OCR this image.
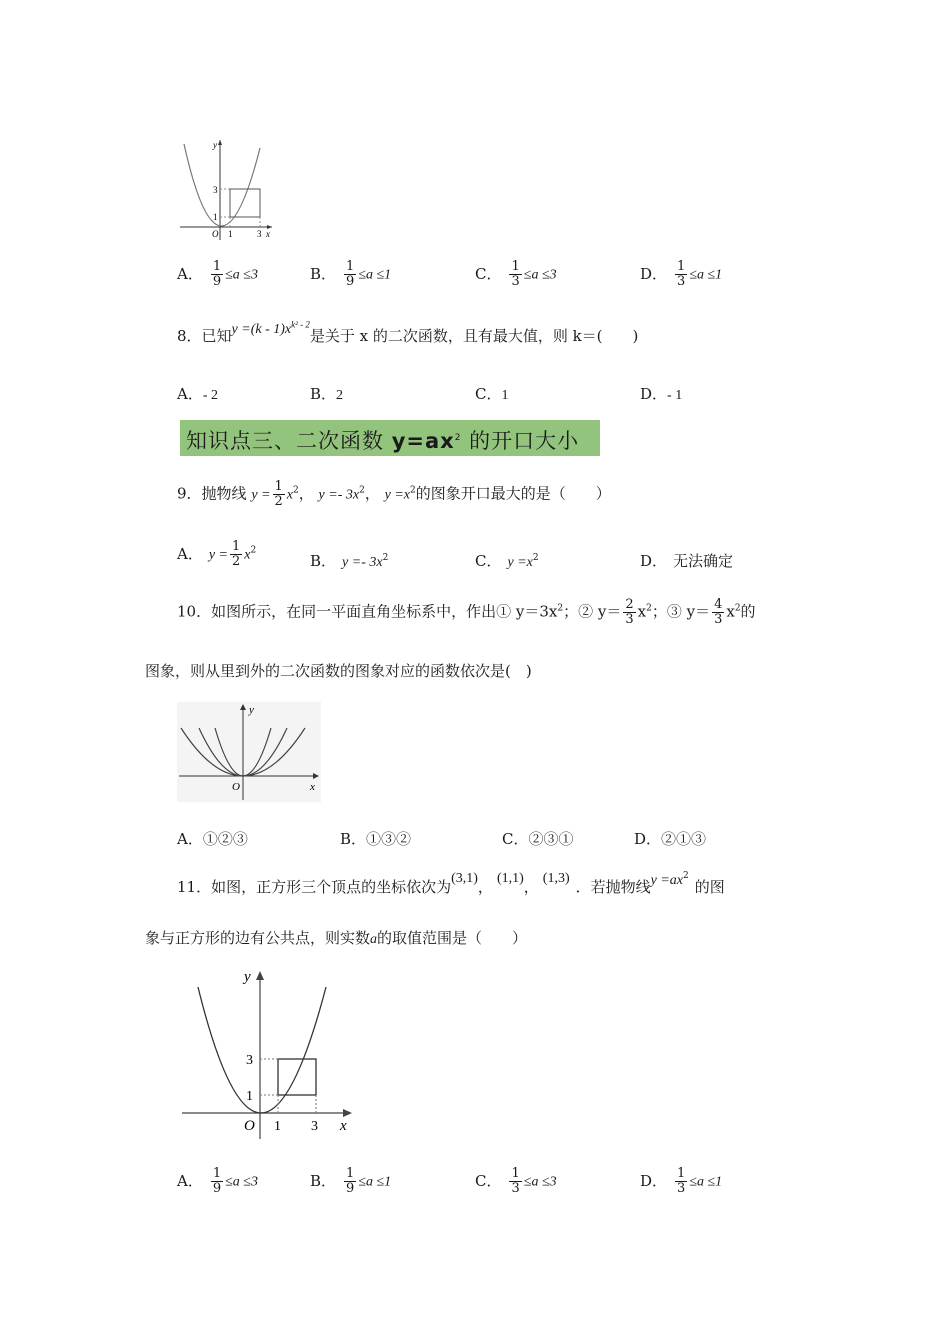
y
x
O 1	3
1
3
A． $\frac{1}{9} \le a \le 3$	B． $\frac{1}{9} \le a \le 1$	C． $\frac{1}{3} \le a \le 3$	D． $\frac{1}{3} \le a \le 1$
8．已知$y =(k - 1)x^{k^2 - 2}$是关于 x 的二次函数，且有最大值，则 k＝(　　)
A．- 2	B．2	C．1	D．- 1
知识点三、二次函数 $y=ax^2$ 的开口大小
9．抛物线 $y = \frac{1}{2} x^2$， $y =- 3x^2$， $y =x^2$的图象开口最大的是（　　）
A． $y = \frac{1}{2} x^2$
B． $y =- 3x^2$	C． $y =x^2$	D． 无法确定
10．如图所示，在同一平面直角坐标系中，作出① $y=3x^2$；② $y= \frac{2}{3} x^2$；③ $y= \frac{4}{3} x^2$的
图象，则从里到外的二次函数的图象对应的函数依次是(　)
y
x
O
A．①②③	B．①③②	C．②③①	D．②①③
11．如图，正方形三个顶点的坐标依次为(3,1)， (1,1)， (1,3) ．若抛物线$y =ax^2$的图
象与正方形的边有公共点，则实数a的取值范围是（　　）
y
x
O 1 3
1
3
A． $\frac{1}{9} \le a \le 3$	B． $\frac{1}{9} \le a \le 1$	C． $\frac{1}{3} \le a \le 3$	D． $\frac{1}{3} \le a \le 1$
